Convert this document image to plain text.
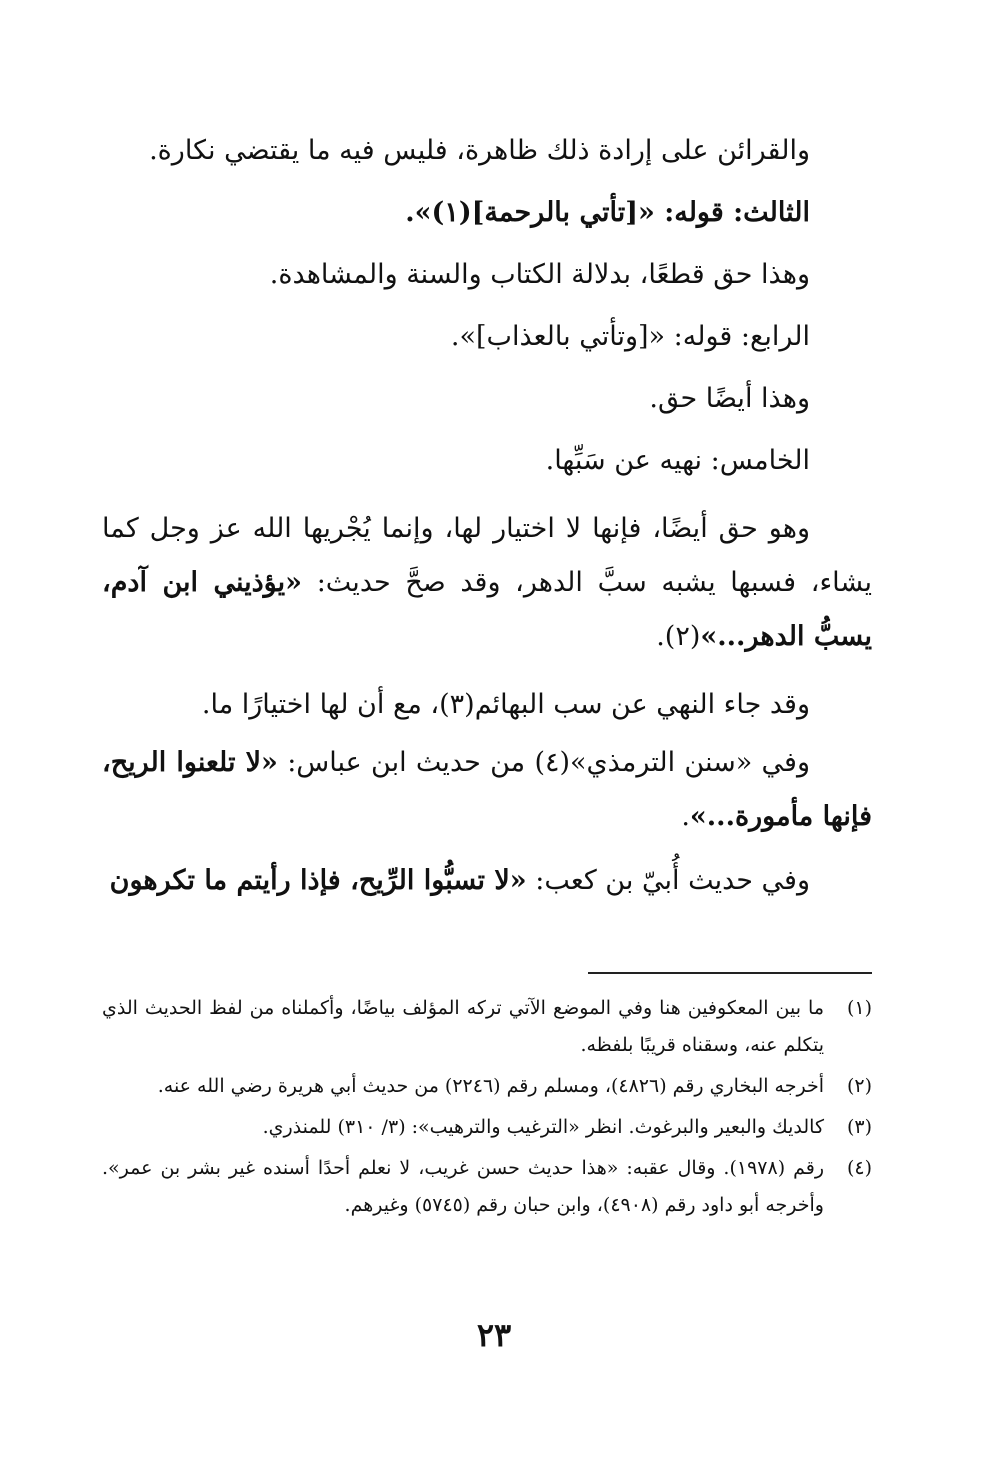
والقرائن على إرادة ذلك ظاهرة، فليس فيه ما يقتضي نكارة.

الثالث: قوله: «[تأتي بالرحمة](١)».

وهذا حق قطعًا، بدلالة الكتاب والسنة والمشاهدة.

الرابع: قوله: «[وتأتي بالعذاب]».

وهذا أيضًا حق.

الخامس: نهيه عن سَبِّها.

وهو حق أيضًا، فإنها لا اختيار لها، وإنما يُجْريها الله عز وجل كما يشاء، فسبها يشبه سبَّ الدهر، وقد صحَّ حديث: «يؤذيني ابن آدم، يسبُّ الدهر...»(٢).

وقد جاء النهي عن سب البهائم(٣)، مع أن لها اختيارًا ما.

وفي «سنن الترمذي»(٤) من حديث ابن عباس: «لا تلعنوا الريح، فإنها مأمورة...».

وفي حديث أُبيّ بن كعب: «لا تسبُّوا الرِّيح، فإذا رأيتم ما تكرهون

(١)
ما بين المعكوفين هنا وفي الموضع الآتي تركه المؤلف بياضًا، وأكملناه من لفظ الحديث الذي يتكلم عنه، وسقناه قريبًا بلفظه.
(٢)
أخرجه البخاري رقم (٤٨٢٦)، ومسلم رقم (٢٢٤٦) من حديث أبي هريرة رضي الله عنه.
(٣)
كالديك والبعير والبرغوث. انظر «الترغيب والترهيب»: (٣/ ٣١٠) للمنذري.
(٤)
رقم (١٩٧٨). وقال عقبه: «هذا حديث حسن غريب، لا نعلم أحدًا أسنده غير بشر بن عمر». وأخرجه أبو داود رقم (٤٩٠٨)، وابن حبان رقم (٥٧٤٥) وغيرهم.
٢٣
